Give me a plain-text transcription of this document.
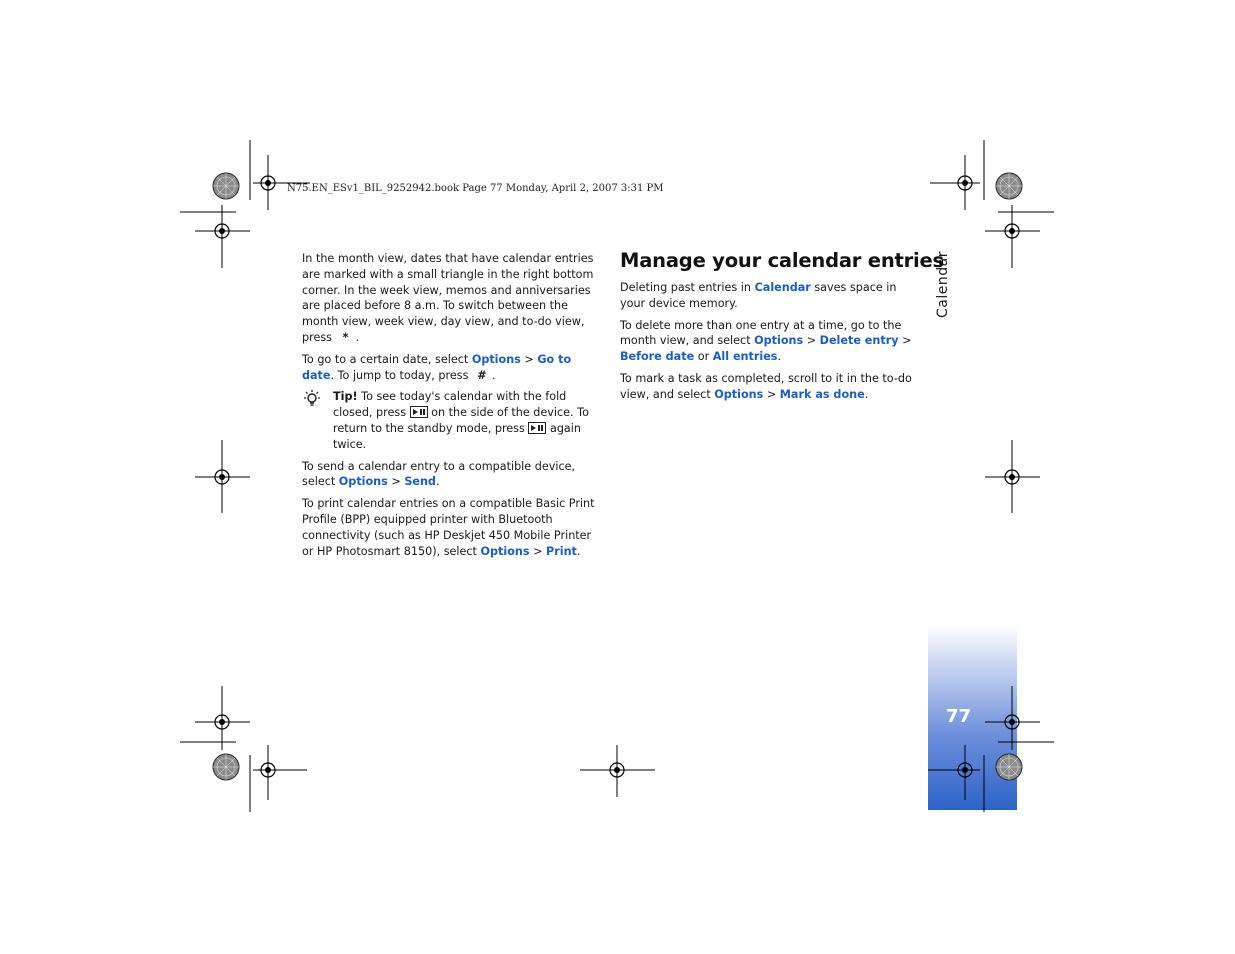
Calendar
77
N75.EN_ESv1_BIL_9252942.book Page 77 Monday, April 2, 2007 3:31 PM

In the month view, dates that have calendar entries are marked with a small triangle in the right bottom corner. In the week view, memos and anniversaries are placed before 8 a.m. To switch between the month view, week view, day view, and to-do view, press * .

To go to a certain date, select Options > Go to date. To jump to today, press # .

Tip! To see today's calendar with the fold closed, press on the side of the device. To return to the standby mode, press again twice.

To send a calendar entry to a compatible device, select Options > Send.

To print calendar entries on a compatible Basic Print Profile (BPP) equipped printer with Bluetooth connectivity (such as HP Deskjet 450 Mobile Printer or HP Photosmart 8150), select Options > Print.

Manage your calendar entries

Deleting past entries in Calendar saves space in your device memory.

To delete more than one entry at a time, go to the month view, and select Options > Delete entry > Before date or All entries.

To mark a task as completed, scroll to it in the to-do view, and select Options > Mark as done.
